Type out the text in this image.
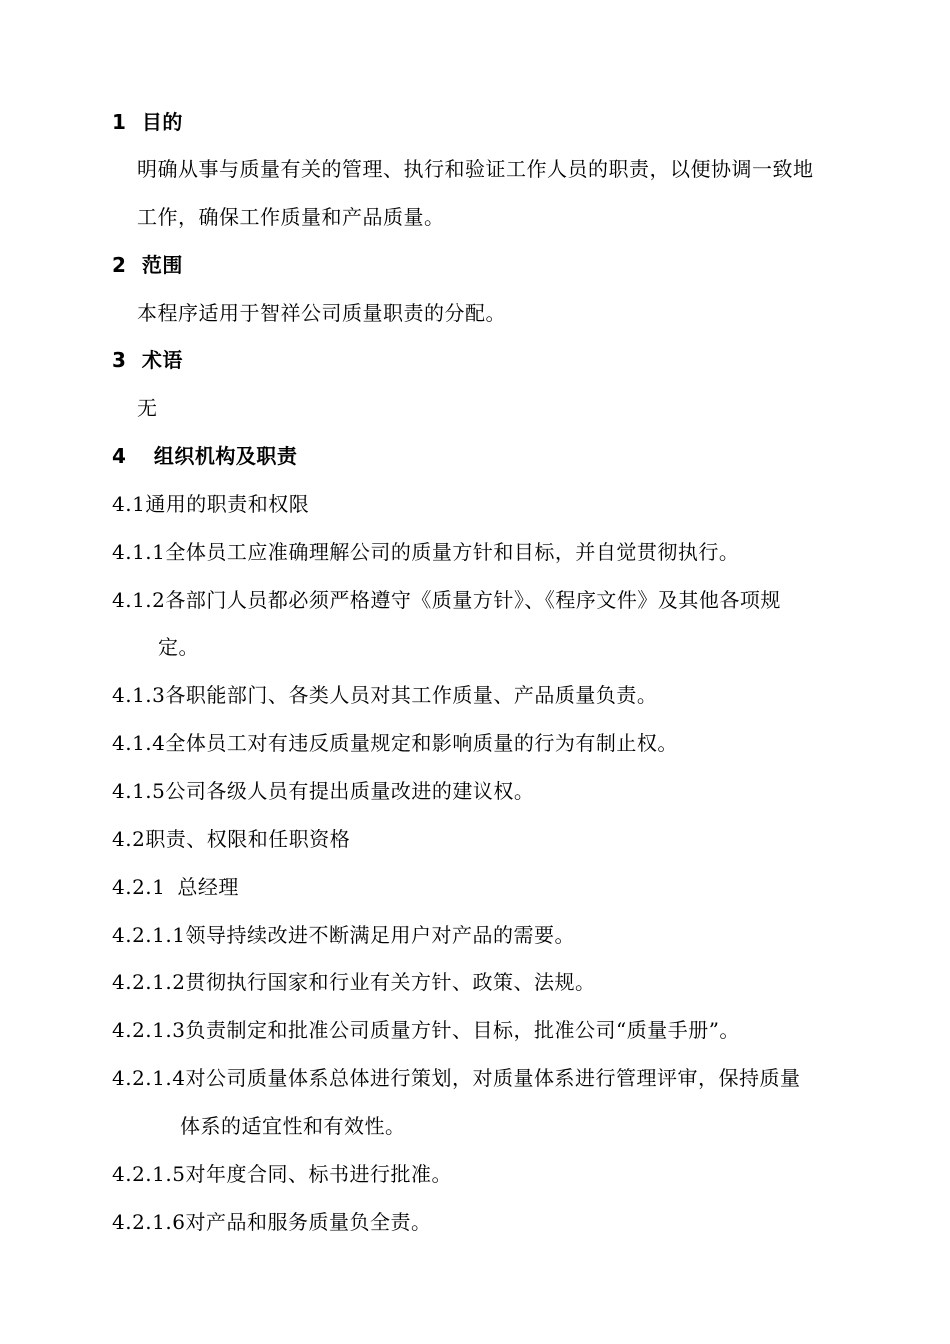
1 目的
明确从事与质量有关的管理、执行和验证工作人员的职责，以便协调一致地
工作，确保工作质量和产品质量。
2 范围
本程序适用于智祥公司质量职责的分配。
3 术语
无
4 组织机构及职责
4.1通用的职责和权限
4.1.1全体员工应准确理解公司的质量方针和目标，并自觉贯彻执行。
4.1.2各部门人员都必须严格遵守《质量方针》、《程序文件》及其他各项规
定。
4.1.3各职能部门、各类人员对其工作质量、产品质量负责。
4.1.4全体员工对有违反质量规定和影响质量的行为有制止权。
4.1.5公司各级人员有提出质量改进的建议权。
4.2职责、权限和任职资格
4.2.1 总经理
4.2.1.1领导持续改进不断满足用户对产品的需要。
4.2.1.2贯彻执行国家和行业有关方针、政策、法规。
4.2.1.3负责制定和批准公司质量方针、目标，批准公司“质量手册”。
4.2.1.4对公司质量体系总体进行策划，对质量体系进行管理评审，保持质量
体系的适宜性和有效性。
4.2.1.5对年度合同、标书进行批准。
4.2.1.6对产品和服务质量负全责。
